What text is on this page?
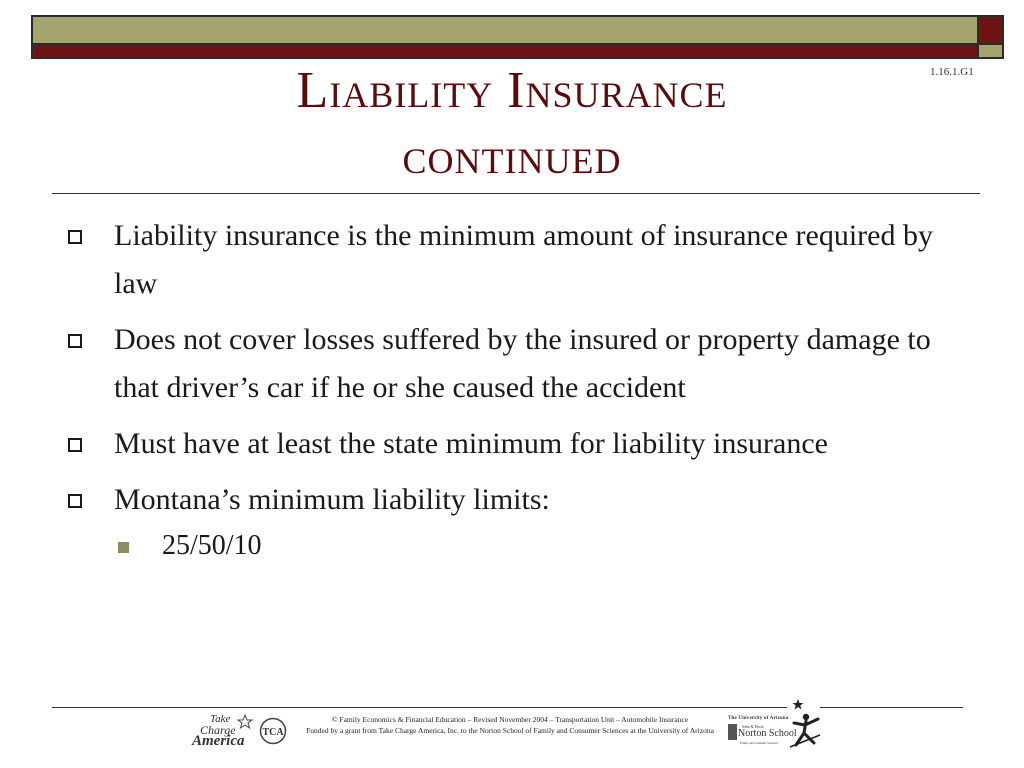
1.16.1.G1
Liability Insurance
continued
Liability insurance is the minimum amount of insurance required by law
Does not cover losses suffered by the insured or property damage to that driver’s car if he or she caused the accident
Must have at least the state minimum for liability insurance
Montana’s minimum liability limits:
25/50/10
Take
Charge
America
TCA
© Family Economics & Financial Education – Revised November 2004 – Transportation Unit – Automobile Insurance
Funded by a grant from Take Charge America, Inc. to the Norton School of Family and Consumer Sciences at the University of Arizona
The University of Arizona
John & Doris
Norton School
Family and Consumer Sciences
